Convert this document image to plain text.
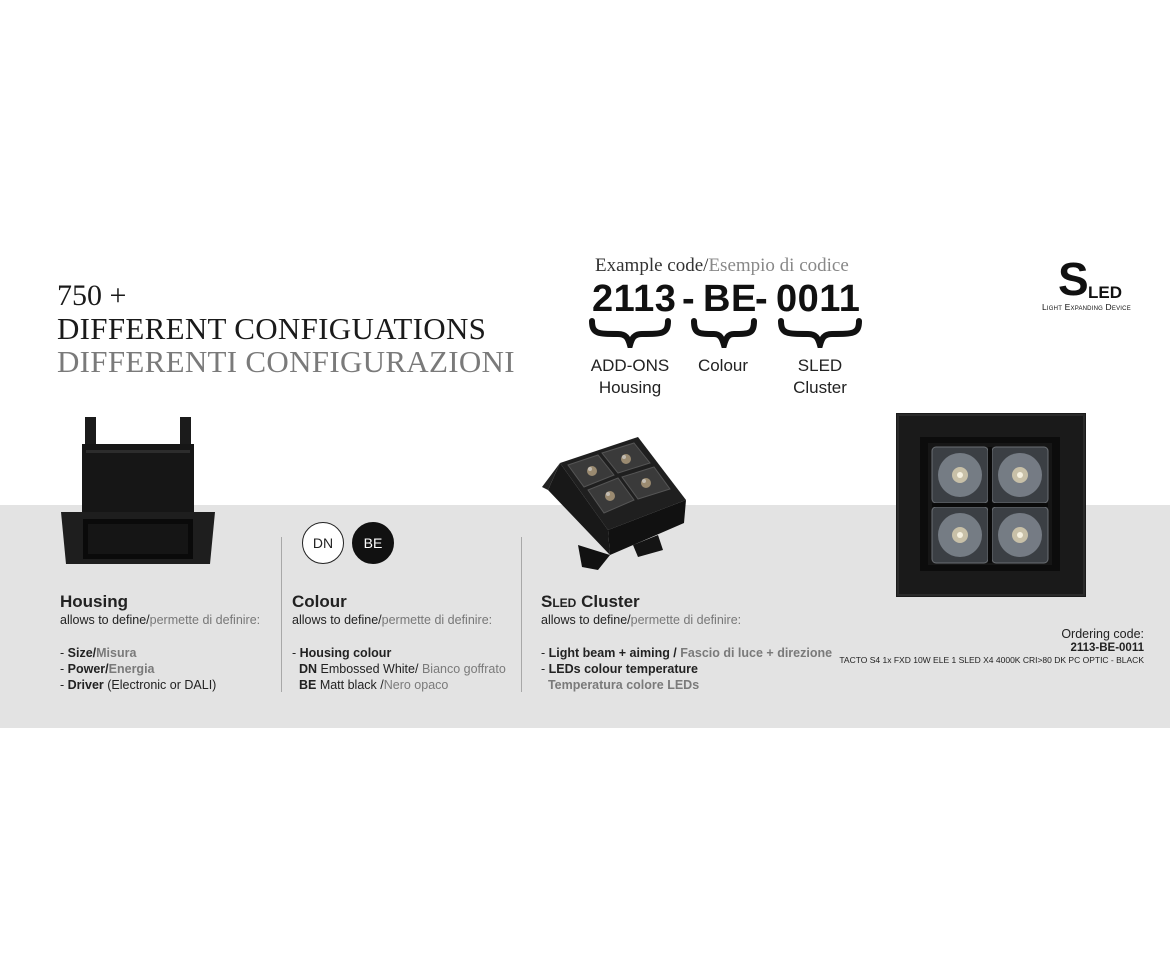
750 +
DIFFERENT CONFIGUATIONS
DIFFERENTI CONFIGURAZIONI
Example code/Esempio di codice
2113 - BE
- 0011
ADD-ONS
Housing
Colour	SLED
Cluster
S LED
Light Expanding Device
DN	BE
Housing
allows to define/permette di definire:
- Size/Misura
- Power/Energia
- Driver (Electronic or DALI)
Colour
allows to define/permette di definire:
- Housing colour
DN Embossed White/ Bianco goffrato
BE Matt black /Nero opaco
SLED Cluster
allows to define/permette di definire:
- Light beam + aiming / Fascio di luce + direzione
- LEDs colour temperature
Temperatura colore LEDs
Ordering code:
2113-BE-0011
TACTO S4 1x FXD 10W ELE 1 SLED X4 4000K CRI>80 DK PC OPTIC - BLACK
